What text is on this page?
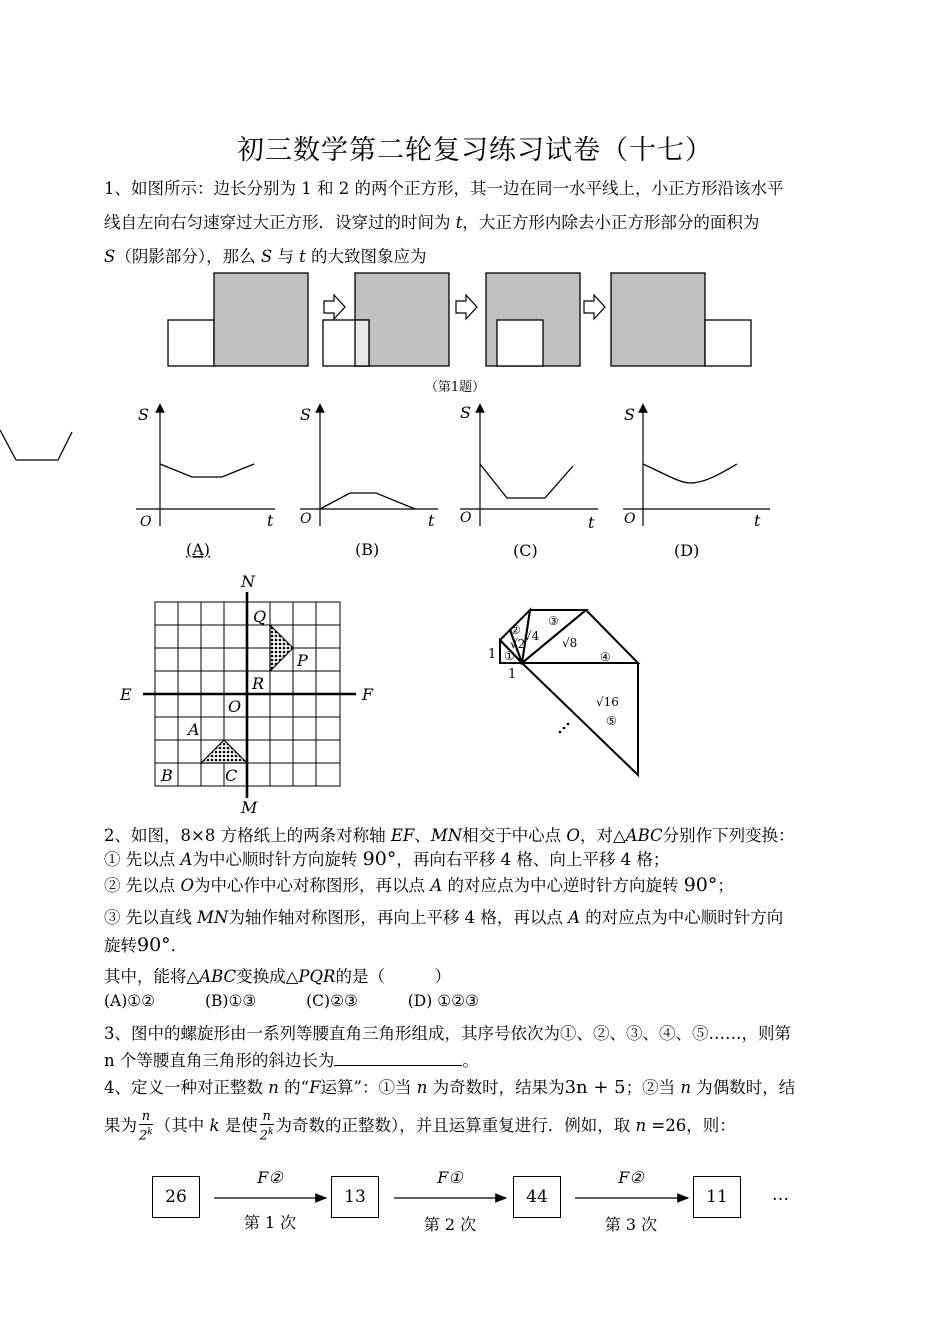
初三数学第二轮复习练习试卷（十七）
1、如图所示：边长分别为 1 和 2 的两个正方形，其一边在同一水平线上，小正方形沿该水平
线自左向右匀速穿过大正方形．设穿过的时间为 t，大正方形内除去小正方形部分的面积为
S（阴影部分），那么 S 与 t 的大致图象应为
（第1题）
S
O	t
(A)
S
O	t
(B)
S
O	t
(C)
S
O	t
(D)
N
M
E	F
O
Q
P
R
A
B	C
1
1
①
②
③
④
⑤
√2
√4 √8
√16
2、如图，8×8 方格纸上的两条对称轴 EF、MN相交于中心点 O，对△ABC分别作下列变换：
① 先以点 A为中心顺时针方向旋转 90°，再向右平移 4 格、向上平移 4 格；
② 先以点 O为中心作中心对称图形，再以点 A 的对应点为中心逆时针方向旋转 90°；
③ 先以直线 MN为轴作轴对称图形，再向上平移 4 格，再以点 A 的对应点为中心顺时针方向
旋转90°．
其中，能将△ABC变换成△PQR的是（　　　）
(A)①②	(B)①③	(C)②③	(D) ①②③
3、图中的螺旋形由一系列等腰直角三角形组成，其序号依次为①、②、③、④、⑤……，则第
n 个等腰直角三角形的斜边长为	。
4、定义一种对正整数 n 的“F运算”：①当 n 为奇数时，结果为3n + 5；②当 n 为偶数时，结
果为 $\frac{n}{2^k}$ （其中 k 是使 $\frac{n}{2^k}$ 为奇数的正整数），并且运算重复进行．例如，取 n =26，则：
26	13	44	11	…
F②	F①	F②
第 1 次	第 2 次	第 3 次
